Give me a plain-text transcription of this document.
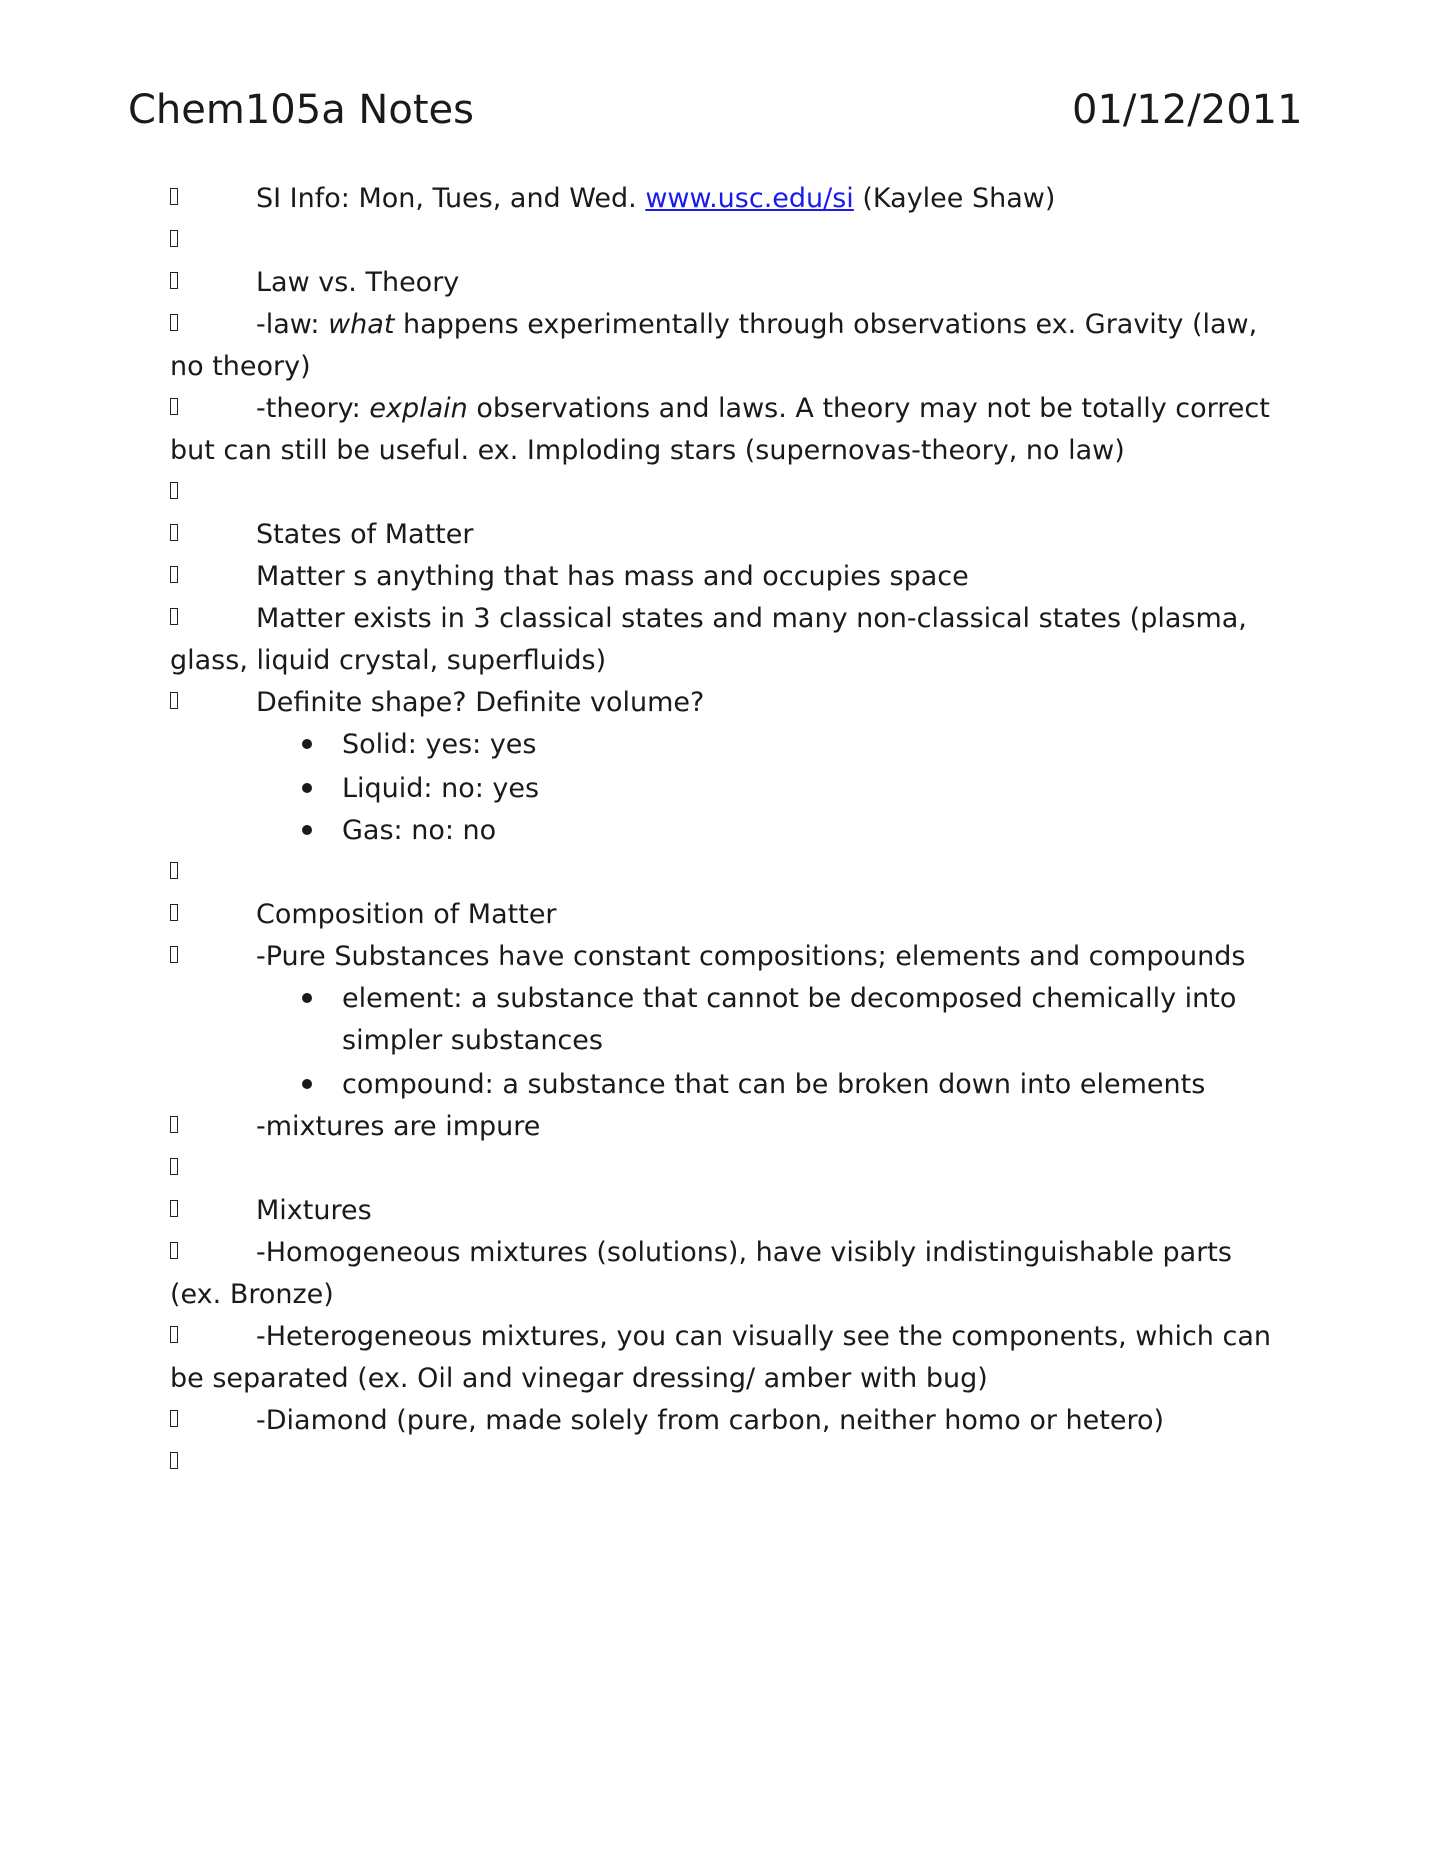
Chem105a Notes	01/12/2011
SI Info: Mon, Tues, and Wed. www.usc.edu/si (Kaylee Shaw)
Law vs. Theory
-law: what happens experimentally through observations ex. Gravity (law, no theory)
-theory: explain observations and laws. A theory may not be totally correct but can still be useful. ex. Imploding stars (supernovas-theory, no law)
States of Matter
Matter s anything that has mass and occupies space
Matter exists in 3 classical states and many non-classical states (plasma, glass, liquid crystal, superfluids)
Definite shape? Definite volume?
Solid: yes: yes
Liquid: no: yes
Gas: no: no
Composition of Matter
-Pure Substances have constant compositions; elements and compounds
element: a substance that cannot be decomposed chemically into simpler substances
compound: a substance that can be broken down into elements
-mixtures are impure
Mixtures
-Homogeneous mixtures (solutions), have visibly indistinguishable parts (ex. Bronze)
-Heterogeneous mixtures, you can visually see the components, which can be separated (ex. Oil and vinegar dressing/ amber with bug)
-Diamond (pure, made solely from carbon, neither homo or hetero)
